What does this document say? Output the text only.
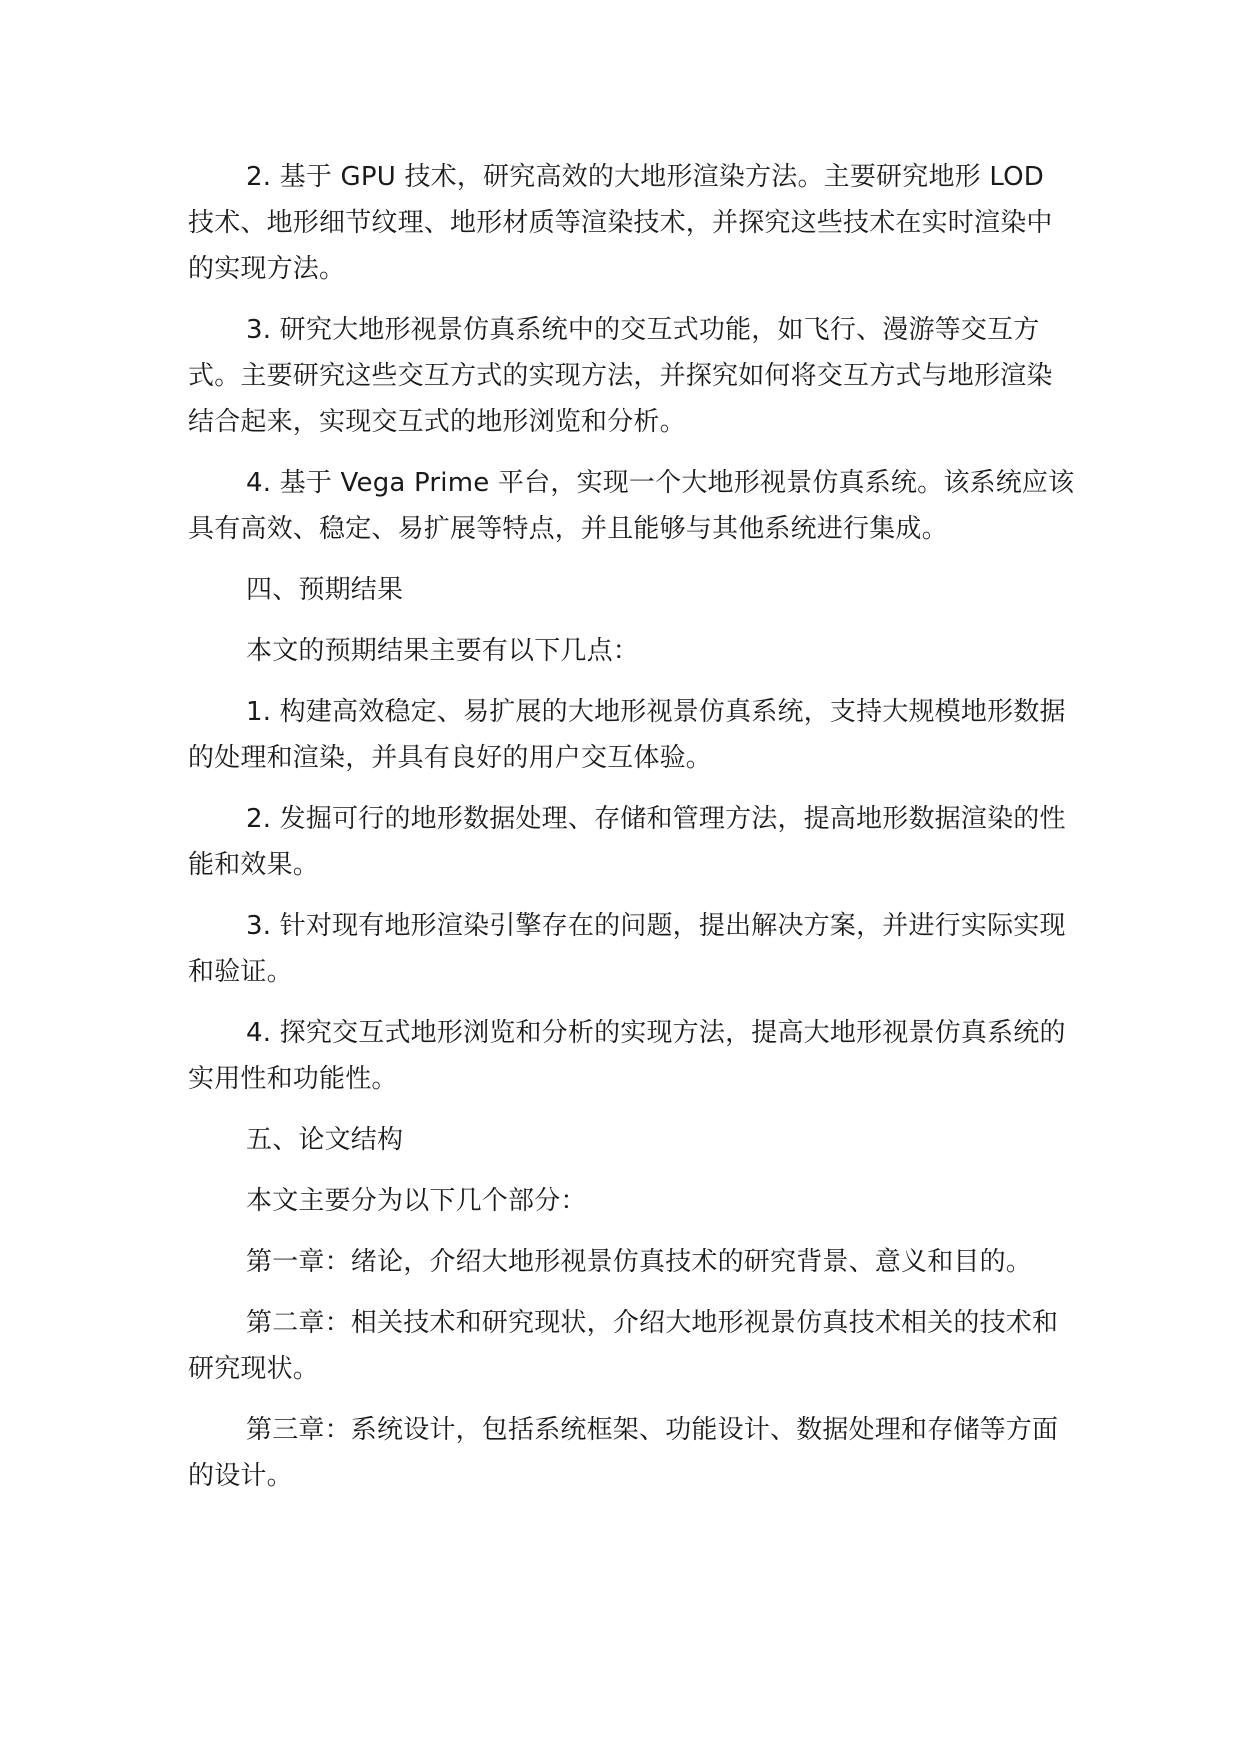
2. 基于 GPU 技术，研究高效的大地形渲染方法。主要研究地形 LOD 技术、地形细节纹理、地形材质等渲染技术，并探究这些技术在实时渲染中的实现方法。

3. 研究大地形视景仿真系统中的交互式功能，如飞行、漫游等交互方式。主要研究这些交互方式的实现方法，并探究如何将交互方式与地形渲染结合起来，实现交互式的地形浏览和分析。

4. 基于 Vega Prime 平台，实现一个大地形视景仿真系统。该系统应该具有高效、稳定、易扩展等特点，并且能够与其他系统进行集成。

四、预期结果

本文的预期结果主要有以下几点：

1. 构建高效稳定、易扩展的大地形视景仿真系统，支持大规模地形数据的处理和渲染，并具有良好的用户交互体验。

2. 发掘可行的地形数据处理、存储和管理方法，提高地形数据渲染的性能和效果。

3. 针对现有地形渲染引擎存在的问题，提出解决方案，并进行实际实现和验证。

4. 探究交互式地形浏览和分析的实现方法，提高大地形视景仿真系统的实用性和功能性。

五、论文结构

本文主要分为以下几个部分：

第一章：绪论，介绍大地形视景仿真技术的研究背景、意义和目的。

第二章：相关技术和研究现状，介绍大地形视景仿真技术相关的技术和研究现状。

第三章：系统设计，包括系统框架、功能设计、数据处理和存储等方面的设计。
